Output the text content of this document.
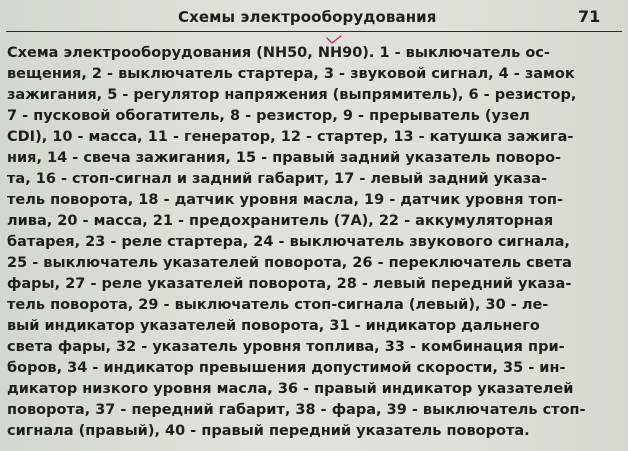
Схемы электрооборудования	71
Схема электрооборудования (NH50, NH90). 1 - выключатель ос-
вещения, 2 - выключатель стартера, 3 - звуковой сигнал, 4 - замок
зажигания, 5 - регулятор напряжения (выпрямитель), 6 - резистор,
7 - пусковой обогатитель, 8 - резистор, 9 - прерыватель (узел
CDI), 10 - масса, 11 - генератор, 12 - стартер, 13 - катушка зажига-
ния, 14 - свеча зажигания, 15 - правый задний указатель поворо-
та, 16 - стоп-сигнал и задний габарит, 17 - левый задний указа-
тель поворота, 18 - датчик уровня масла, 19 - датчик уровня топ-
лива, 20 - масса, 21 - предохранитель (7А), 22 - аккумуляторная
батарея, 23 - реле стартера, 24 - выключатель звукового сигнала,
25 - выключатель указателей поворота, 26 - переключатель света
фары, 27 - реле указателей поворота, 28 - левый передний указа-
тель поворота, 29 - выключатель стоп-сигнала (левый), 30 - ле-
вый индикатор указателей поворота, 31 - индикатор дальнего
света фары, 32 - указатель уровня топлива, 33 - комбинация при-
боров, 34 - индикатор превышения допустимой скорости, 35 - ин-
дикатор низкого уровня масла, 36 - правый индикатор указателей
поворота, 37 - передний габарит, 38 - фара, 39 - выключатель стоп-
сигнала (правый), 40 - правый передний указатель поворота.
